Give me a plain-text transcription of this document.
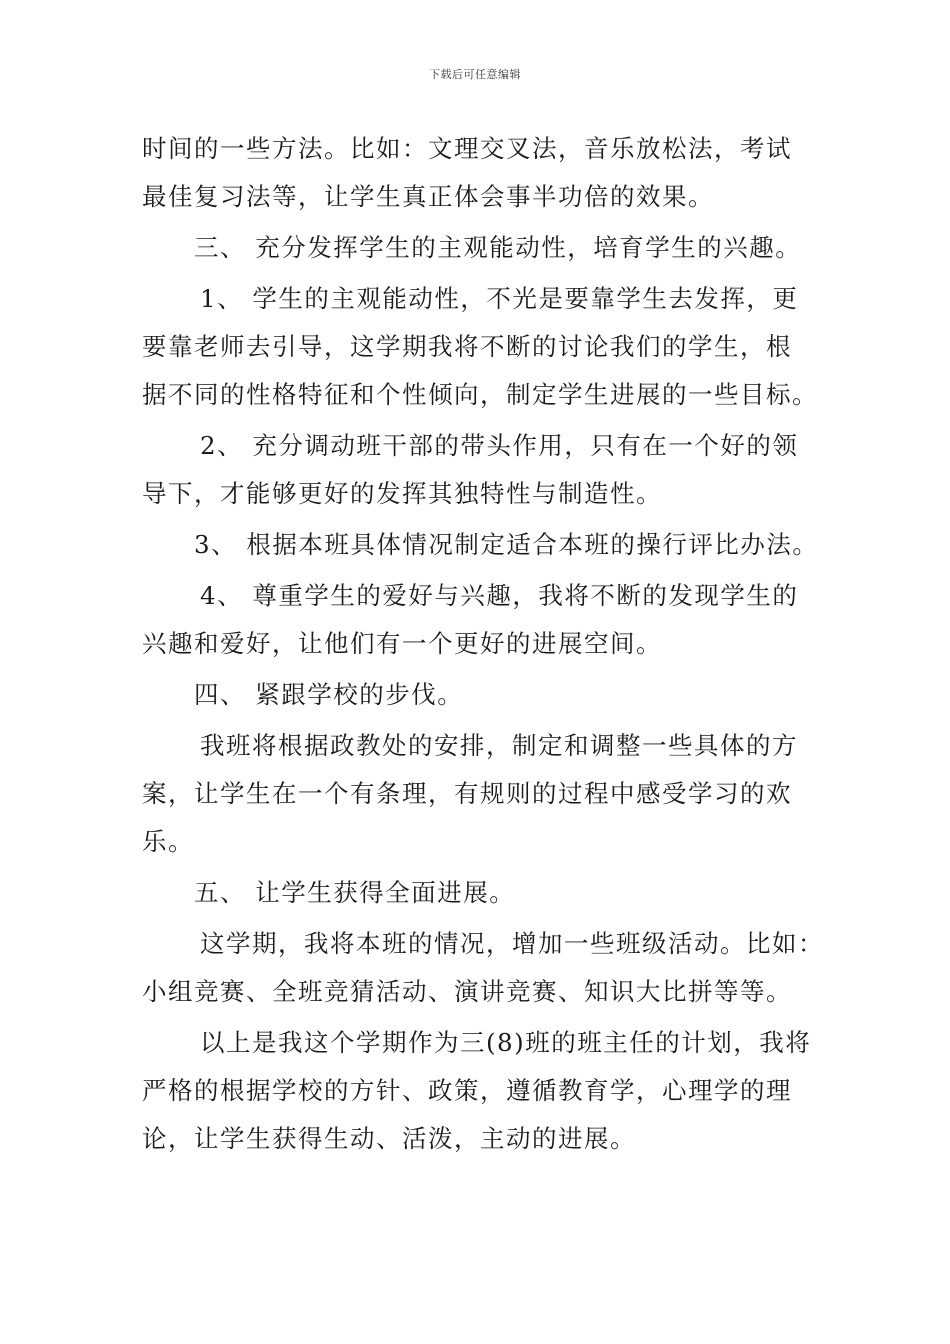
下载后可任意编辑
时间的一些方法。比如：文理交叉法，音乐放松法，考试
最佳复习法等，让学生真正体会事半功倍的效果。
三、 充分发挥学生的主观能动性，培育学生的兴趣。
1、 学生的主观能动性，不光是要靠学生去发挥，更
要靠老师去引导，这学期我将不断的讨论我们的学生，根
据不同的性格特征和个性倾向，制定学生进展的一些目标。
2、 充分调动班干部的带头作用，只有在一个好的领
导下，才能够更好的发挥其独特性与制造性。
3、 根据本班具体情况制定适合本班的操行评比办法。
4、 尊重学生的爱好与兴趣，我将不断的发现学生的
兴趣和爱好，让他们有一个更好的进展空间。
四、 紧跟学校的步伐。
我班将根据政教处的安排，制定和调整一些具体的方
案，让学生在一个有条理，有规则的过程中感受学习的欢
乐。
五、 让学生获得全面进展。
这学期，我将本班的情况，增加一些班级活动。比如：
小组竞赛、全班竞猜活动、演讲竞赛、知识大比拼等等。
以上是我这个学期作为三(8)班的班主任的计划，我将
严格的根据学校的方针、政策，遵循教育学，心理学的理
论，让学生获得生动、活泼，主动的进展。
